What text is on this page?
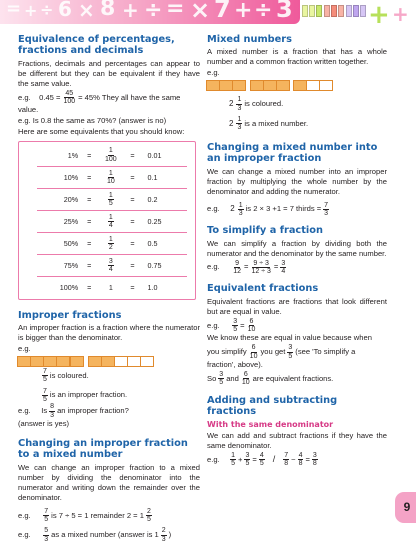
= + ÷ 6 × 8 + ÷ = × 7 + ÷ 3	+ +
Equivalence of percentages, fractions and decimals

Fractions, decimals and percentages can appear to be different but they can be equivalent if they have the same value.

e.g.
$0.45 = \frac{45}{100} = 45\%$ They all have the same

value.

e.g. Is 0.8 the same as 70%? (answer is no)

Here are some equivalents that you should know:

1%	=	$\frac{1}{100}$	=	0.01
10%	=	$\frac{1}{10}$	=	0.1
20%	=	$\frac{1}{5}$	=	0.2
25%	=	$\frac{1}{4}$	=	0.25
50%	=	$\frac{1}{2}$	=	0.5
75%	=	$\frac{3}{4}$	=	0.75
100%	=	1	=	1.0
Improper fractions

An improper fraction is a fraction where the numerator is bigger than the denominator.

e.g.

7
5
is coloured.
7
5
is an improper fraction.
e.g.
Is 8
3
an improper fraction?

(answer is yes)

Changing an improper fraction to a mixed number

We can change an improper fraction to a mixed number by dividing the denominator into the numerator and writing down the remainder over the denominator.

e.g.
7
5
is 7 ÷ 5 = 1 remainder 2 = 1 2
5
e.g.
5
3
as a mixed number (answer is 1 2
3
)
Mixed numbers

A mixed number is a fraction that has a whole number and a common fraction written together.

e.g.

2 1
3
is coloured.
2 1
3
is a mixed number.
Changing a mixed number into an improper fraction

We can change a mixed number into an improper fraction by multiplying the whole number by the denominator and adding the numerator.

e.g.
2 1
3
is 2 × 3 +1 = 7 thirds = $\frac{7}{3}$
To simplify a fraction

We can simplify a fraction by dividing both the numerator and the denominator by the same number.

e.g.
$\frac{9}{12} = \frac{9 \div 3}{12 \div 3} = \frac{3}{4}$
Equivalent fractions

Equivalent fractions are fractions that look different but are equal in value.

e.g.
$\frac{3}{5} = \frac{6}{10}$

We know these are equal in value because when

you simplify 6
10
you get 3
5
(see 'To simplify a

fraction', above).

So 3
5
and 6
10
are equivalent fractions.
Adding and subtracting fractions
With the same denominator

We can add and subtract fractions if they have the same denominator.

e.g.
1
5
+ $\frac{3}{5} = \frac{4}{5} / 7$
8
− $\frac{4}{8} = \frac{3}{8}$
9
